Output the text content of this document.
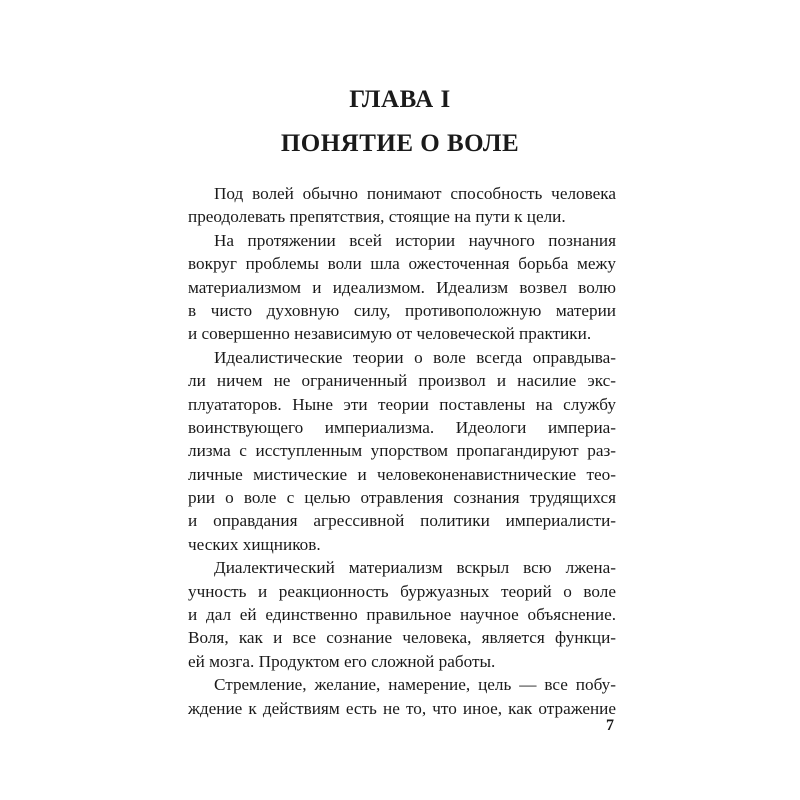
ГЛАВА I
ПОНЯТИЕ О ВОЛЕ
Под волей обычно понимают способность человека
преодолевать препятствия, стоящие на пути к цели.
На протяжении всей истории научного познания
вокруг проблемы воли шла ожесточенная борьба межу
материализмом и идеализмом. Идеализм возвел волю
в чисто духовную силу, противоположную материи
и совершенно независимую от человеческой практики.
Идеалистические теории о воле всегда оправдыва-
ли ничем не ограниченный произвол и насилие экс-
плуататоров. Ныне эти теории поставлены на службу
воинствующего империализма. Идеологи империа-
лизма с исступленным упорством пропагандируют раз-
личные мистические и человеконенавистнические тео-
рии о воле с целью отравления сознания трудящихся
и оправдания агрессивной политики империалисти-
ческих хищников.
Диалектический материализм вскрыл всю лжена-
учность и реакционность буржуазных теорий о воле
и дал ей единственно правильное научное объяснение.
Воля, как и все сознание человека, является функци-
ей мозга. Продуктом его сложной работы.
Стремление, желание, намерение, цель — все побу-
ждение к действиям есть не то, что иное, как отражение
7
